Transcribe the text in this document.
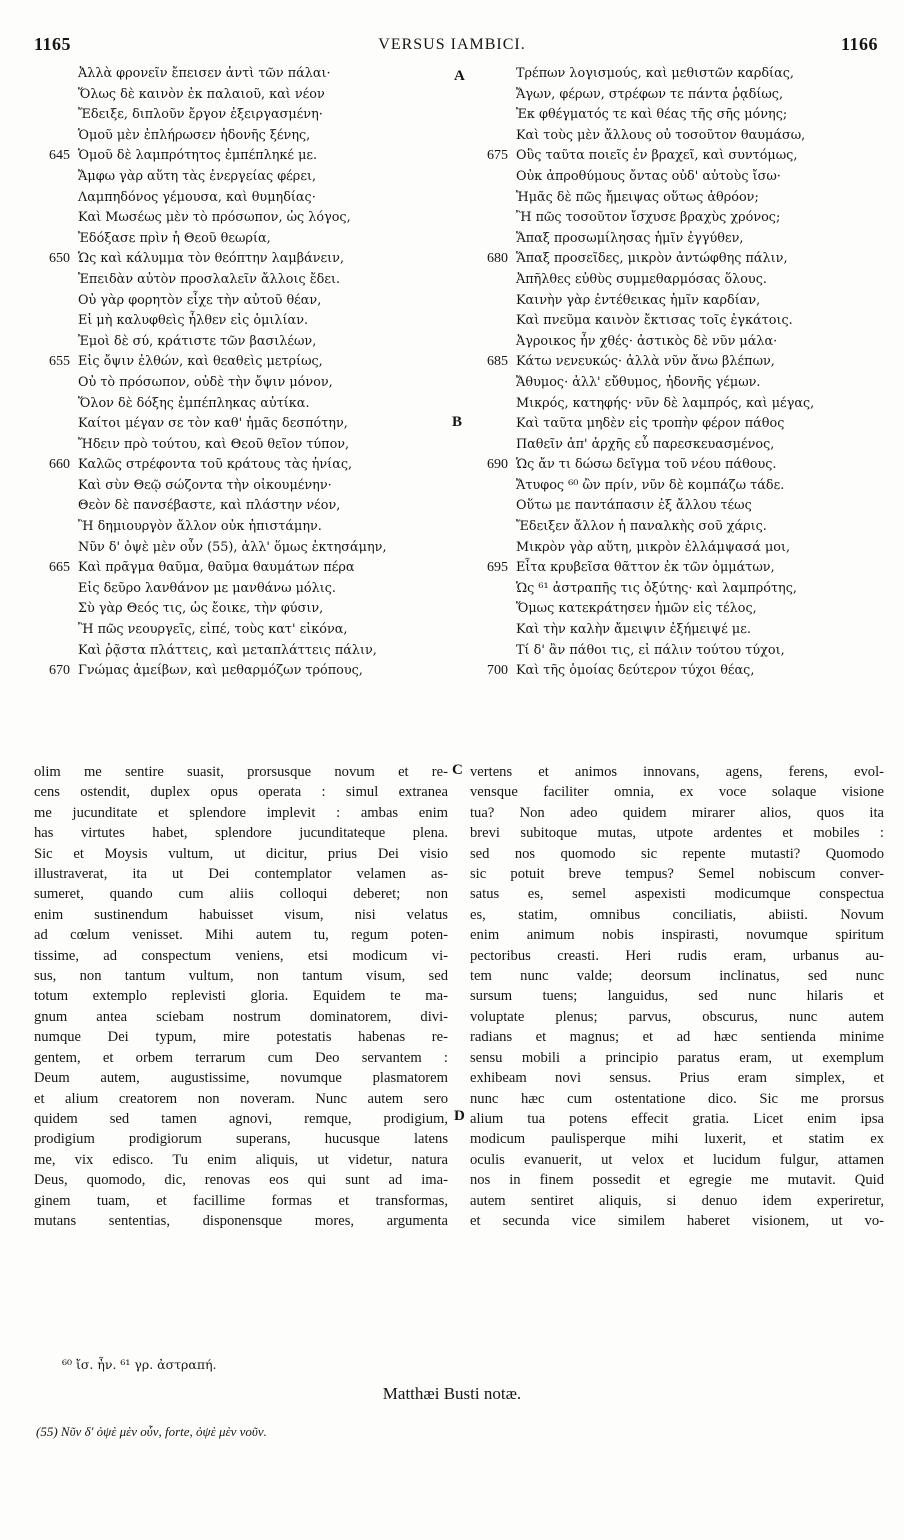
1165	VERSUS IAMBICI.	1166
Ἀλλὰ φρονεῖν ἔπεισεν ἀντὶ τῶν πάλαι·
Ὅλως δὲ καινὸν ἐκ παλαιοῦ, καὶ νέον
Ἔδειξε, διπλοῦν ἔργον ἐξειργασμένη·
Ὁμοῦ μὲν ἐπλήρωσεν ἡδονῆς ξένης,
645 Ὁμοῦ δὲ λαμπρότητος ἐμπέπληκέ με.
Ἄμφω γὰρ αὕτη τὰς ἐνεργείας φέρει,
Λαμπηδόνος γέμουσα, καὶ θυμηδίας·
Καὶ Μωσέως μὲν τὸ πρόσωπον, ὡς λόγος,
Ἐδόξασε πρὶν ἡ Θεοῦ θεωρία,
650 Ὡς καὶ κάλυμμα τὸν θεόπτην λαμβάνειν,
Ἐπειδὰν αὐτὸν προσλαλεῖν ἄλλοις ἔδει.
Οὐ γὰρ φορητὸν εἶχε τὴν αὐτοῦ θέαν,
Εἰ μὴ καλυφθεὶς ἦλθεν εἰς ὁμιλίαν.
Ἐμοὶ δὲ σύ, κράτιστε τῶν βασιλέων,
655 Εἰς ὄψιν ἐλθών, καὶ θεαθεὶς μετρίως,
Οὐ τὸ πρόσωπον, οὐδὲ τὴν ὄψιν μόνον,
Ὅλον δὲ δόξης ἐμπέπληκας αὐτίκα.
Καίτοι μέγαν σε τὸν καθ' ἡμᾶς δεσπότην,
Ἤδειν πρὸ τούτου, καὶ Θεοῦ θεῖον τύπον,
660 Καλῶς στρέφοντα τοῦ κράτους τὰς ἡνίας,
Καὶ σὺν Θεῷ σώζοντα τὴν οἰκουμένην·
Θεὸν δὲ πανσέβαστε, καὶ πλάστην νέον,
Ἢ δημιουργὸν ἄλλον οὐκ ἠπιστάμην.
Νῦν δ' ὀψὲ μὲν οὖν (55), ἀλλ' ὅμως ἐκτησάμην,
665 Καὶ πρᾶγμα θαῦμα, θαῦμα θαυμάτων πέρα
Εἰς δεῦρο λανθάνον με μανθάνω μόλις.
Σὺ γὰρ Θεός τις, ὡς ἔοικε, τὴν φύσιν,
Ἢ πῶς νεουργεῖς, εἰπέ, τοὺς κατ' εἰκόνα,
Καὶ ῥᾷστα πλάττεις, καὶ μεταπλάττεις πάλιν,
670 Γνώμας ἀμείβων, καὶ μεθαρμόζων τρόπους,
Τρέπων λογισμούς, καὶ μεθιστῶν καρδίας,
Ἄγων, φέρων, στρέφων τε πάντα ῥᾳδίως,
Ἐκ φθέγματός τε καὶ θέας τῆς σῆς μόνης;
Καὶ τοὺς μὲν ἄλλους οὐ τοσοῦτον θαυμάσω,
675 Οὓς ταῦτα ποιεῖς ἐν βραχεῖ, καὶ συντόμως,
Οὐκ ἀπροθύμους ὄντας οὐδ' αὐτοὺς ἴσω·
Ἡμᾶς δὲ πῶς ἤμειψας οὕτως ἀθρόον;
Ἢ πῶς τοσοῦτον ἴσχυσε βραχὺς χρόνος;
Ἅπαξ προσωμίλησας ἡμῖν ἐγγύθεν,
680 Ἅπαξ προσεῖδες, μικρὸν ἀντώφθης πάλιν,
Ἀπῆλθες εὐθὺς συμμεθαρμόσας ὅλους.
Καινὴν γὰρ ἐντέθεικας ἡμῖν καρδίαν,
Καὶ πνεῦμα καινὸν ἔκτισας τοῖς ἐγκάτοις.
Ἀγροικος ἦν χθές· ἀστικὸς δὲ νῦν μάλα·
685 Κάτω νενευκώς· ἀλλὰ νῦν ἄνω βλέπων,
Ἄθυμος· ἀλλ' εὔθυμος, ἡδονῆς γέμων.
Μικρός, κατηφής· νῦν δὲ λαμπρός, καὶ μέγας,
Καὶ ταῦτα μηδὲν εἰς τροπὴν φέρον πάθος
Παθεῖν ἀπ' ἀρχῆς εὖ παρεσκευασμένος,
690 Ὡς ἄν τι δώσω δεῖγμα τοῦ νέου πάθους.
Ἄτυφος ⁶⁰ ὢν πρίν, νῦν δὲ κομπάζω τάδε.
Οὕτω με παντάπασιν ἐξ ἄλλου τέως
Ἔδειξεν ἄλλον ἡ παναλκὴς σοῦ χάρις.
Μικρὸν γὰρ αὕτη, μικρὸν ἐλλάμψασά μοι,
695 Εἶτα κρυβεῖσα θᾶττον ἐκ τῶν ὀμμάτων,
Ὡς ⁶¹ ἀστραπῆς τις ὀξύτης· καὶ λαμπρότης,
Ὅμως κατεκράτησεν ἡμῶν εἰς τέλος,
Καὶ τὴν καλὴν ἄμειψιν ἐξήμειψέ με.
Τί δ' ἂν πάθοι τις, εἰ πάλιν τούτου τύχοι,
700 Καὶ τῆς ὁμοίας δεύτερον τύχοι θέας,
A
B
C
D

olim me sentire suasit, prorsusque novum et re-

cens ostendit, duplex opus operata : simul extranea

me jucunditate et splendore implevit : ambas enim

has virtutes habet, splendore jucunditateque plena.

Sic et Moysis vultum, ut dicitur, prius Dei visio

illustraverat, ita ut Dei contemplator velamen as-

sumeret, quando cum aliis colloqui deberet; non

enim sustinendum habuisset visum, nisi velatus

ad cœlum venisset. Mihi autem tu, regum poten-

tissime, ad conspectum veniens, etsi modicum vi-

sus, non tantum vultum, non tantum visum, sed

totum extemplo replevisti gloria. Equidem te ma-

gnum antea sciebam nostrum dominatorem, divi-

numque Dei typum, mire potestatis habenas re-

gentem, et orbem terrarum cum Deo servantem :

Deum autem, augustissime, novumque plasmatorem

et alium creatorem non noveram. Nunc autem sero

quidem sed tamen agnovi, remque, prodigium,

prodigium prodigiorum superans, hucusque latens

me, vix edisco. Tu enim aliquis, ut videtur, natura

Deus, quomodo, dic, renovas eos qui sunt ad ima-

ginem tuam, et facillime formas et transformas,

mutans sententias, disponensque mores, argumenta

vertens et animos innovans, agens, ferens, evol-

vensque faciliter omnia, ex voce solaque visione

tua? Non adeo quidem mirarer alios, quos ita

brevi subitoque mutas, utpote ardentes et mobiles :

sed nos quomodo sic repente mutasti? Quomodo

sic potuit breve tempus? Semel nobiscum conver-

satus es, semel aspexisti modicumque conspectua

es, statim, omnibus conciliatis, abiisti. Novum

enim animum nobis inspirasti, novumque spiritum

pectoribus creasti. Heri rudis eram, urbanus au-

tem nunc valde; deorsum inclinatus, sed nunc

sursum tuens; languidus, sed nunc hilaris et

voluptate plenus; parvus, obscurus, nunc autem

radians et magnus; et ad hæc sentienda minime

sensu mobili a principio paratus eram, ut exemplum

exhibeam novi sensus. Prius eram simplex, et

nunc hæc cum ostentatione dico. Sic me prorsus

alium tua potens effecit gratia. Licet enim ipsa

modicum paulisperque mihi luxerit, et statim ex

oculis evanuerit, ut velox et lucidum fulgur, attamen

nos in finem possedit et egregie me mutavit. Quid

autem sentiret aliquis, si denuo idem experiretur,

et secunda vice similem haberet visionem, ut vo-

⁶⁰ ἴσ. ἦν. ⁶¹ γρ. ἀστραπή.
Matthæi Busti notæ.
(55) Νῦν δ' ὀψὲ μὲν οὖν, forte, ὀψὲ μὲν νοῦν.
